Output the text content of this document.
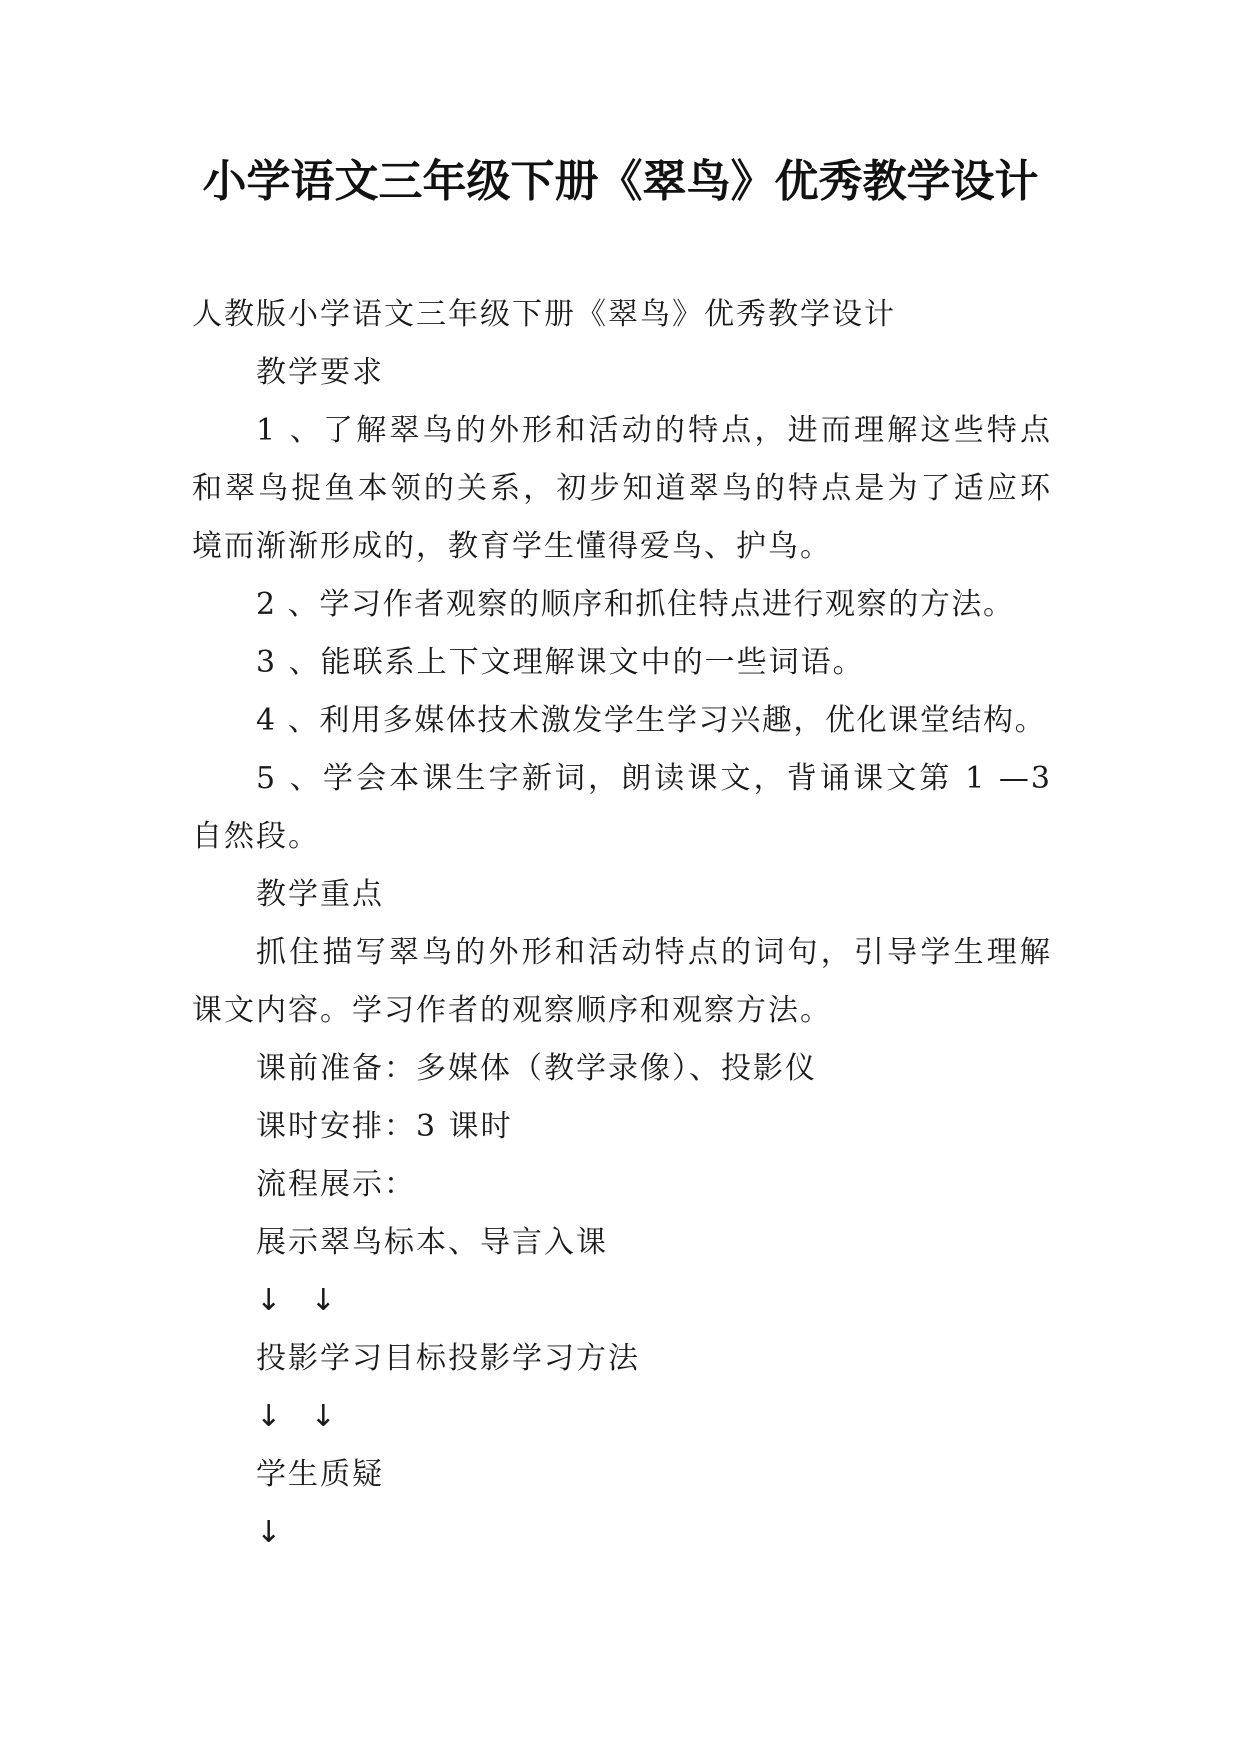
小学语文三年级下册《翠鸟》优秀教学设计
人教版小学语文三年级下册《翠鸟》优秀教学设计
教学要求
1 、了解翠鸟的外形和活动的特点，进而理解这些特点
和翠鸟捉鱼本领的关系，初步知道翠鸟的特点是为了适应环
境而渐渐形成的，教育学生懂得爱鸟、护鸟。
2 、学习作者观察的顺序和抓住特点进行观察的方法。
3 、能联系上下文理解课文中的一些词语。
4 、利用多媒体技术激发学生学习兴趣，优化课堂结构。
5 、学会本课生字新词，朗读课文，背诵课文第 1 —3
自然段。
教学重点
抓住描写翠鸟的外形和活动特点的词句，引导学生理解
课文内容。学习作者的观察顺序和观察方法。
课前准备：多媒体（教学录像）、投影仪
课时安排：3 课时
流程展示：
展示翠鸟标本、导言入课
↓ ↓
投影学习目标投影学习方法
↓ ↓
学生质疑
↓
